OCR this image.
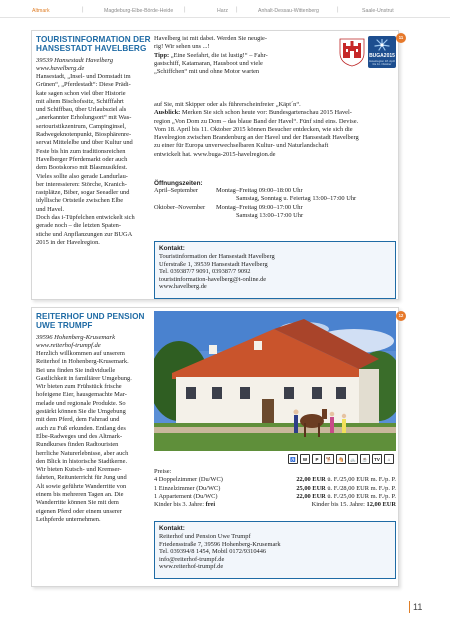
Altmark	|	Magdeburg-Elbe-Börde-Heide |	Harz |	Anhalt-Dessau-Wittenberg	|	Saale-Unstrut
TOURISTINFORMATION DER HANSESTADT HAVELBERG
39539 Hansestadt Havelberg
www.havelberg.de
Hansestadt, „Insel- und Domstadt im
Grünen“, „Pferdestadt“: Diese Prädi-
kate sagen schon viel über Historie
mit altem Bischofssitz, Schifffahrt
und Schiffbau, über Urlaubsziel als
„anerkannter Erholungsort“ mit Was-
sertouristikzentrum, Campinginsel,
Radwegeknotenpunkt, Biosphärenre-
servat Mittelelbe und über Kultur und
Feste bis hin zum traditionsreichen
Havelberger Pferdemarkt oder auch
dem Bootskorso mit Blasmusikfest.
Vieles sollte also gerade Landurlau-
ber interessieren: Störche, Kranich-
rastplätze, Biber, sogar Seeadler und
idyllische Ortsteile zwischen Elbe
und Havel.
Doch das i-Tüpfelchen entwickelt sich
gerade noch – die letzten Spaten-
stiche und Anpflanzungen zur BUGA
2015 in der Havelregion.
Havelberg ist mit dabei. Werden Sie neugie-
rig! Wir sehen uns ...!
Tipp: „Eine Seefahrt, die ist lustig!“ – Fahr-
gastschiff, Katamaran, Hausboot und viele
„Schiffchen“ mit und ohne Motor warten
auf Sie, mit Skipper oder als führerscheinfreier „Käpt´n“.
Ausblick: Merken Sie sich schon heute vor: Bundesgartenschau 2015 Havel-
region „Von Dom zu Dom – das blaue Band der Havel“. Fünf sind eins. Devise.
Vom 18. April bis 11. Oktober 2015 können Besucher entdecken, wie sich die
Havelregion zwischen Brandenburg an der Havel und der Hansestadt Havelberg
zu einer für Europa unverwechselbaren Kultur- und Naturlandschaft
entwickelt hat. www.buga-2015-havelregion.de
BUGA2015
Havelregion 18. April bis 11. Oktober
Öffnungszeiten:
April–September	Montag–Freitag 09:00–18:00 Uhr
Samstag, Sonntag u. Feiertag 13:00–17:00 Uhr
Oktober–November	Montag–Freitag 09:00–17:00 Uhr
Samstag 13:00–17:00 Uhr
Kontakt:
Touristinformation der Hansestadt Havelberg
Uferstraße 1, 39539 Hansestadt Havelberg
Tel. 039387/7 9091, 039387/7 9092
touristinformation-havelberg@t-online.de
www.havelberg.de
11
REITERHOF UND PENSION UWE TRUMPF
39596 Hohenberg-Krusemark
www.reiterhof-trumpf.de
Herzlich willkommen auf unserem
Reiterhof in Hohenberg-Krusemark.
Bei uns finden Sie individuelle
Gastlichkeit in familiärer Umgebung.
Wir bieten zum Frühstück frische
hofeigene Eier, hausgemachte Mar-
melade und regionale Produkte. So
gestärkt können Sie die Umgebung
mit dem Pferd, dem Fahrrad und
auch zu Fuß erkunden. Entlang des
Elbe-Radweges und des Altmark-
Rundkurses finden Radtouristen
herrliche Naturerlebnisse, aber auch
den Blick in historische Stadtkerne.
Wir bieten Kutsch- und Kremser-
fahrten, Reitunterricht für Jung und
Alt sowie geführte Wanderritte von
einem bis mehreren Tagen an. Die
Wanderritte können Sie mit dem
eigenen Pferd oder einem unserer
Leihpferde unternehmen.
♿	W	P	🐕	🐴	🚲	☕	TV	⌂
Preise:
4 Doppelzimmer (Du/WC)	22,00 EUR ü. F./25,00 EUR m. F./p. P.
1 Einzelzimmer (Du/WC)	25,00 EUR ü. F./28,00 EUR m. F./p. P.
1 Appartement (Du/WC)	22,00 EUR ü. F./25,00 EUR m. F./p. P.
Kinder bis 3. Jahre: frei	Kinder bis 15. Jahre: 12,00 EUR
Kontakt:
Reiterhof und Pension Uwe Trumpf
Friedensstraße 7, 39596 Hohenberg-Krusemark
Tel. 039394/8 1454, Mobil 0172/9310446
info@reiterhof-trumpf.de
www.reiterhof-trumpf.de
12
11
